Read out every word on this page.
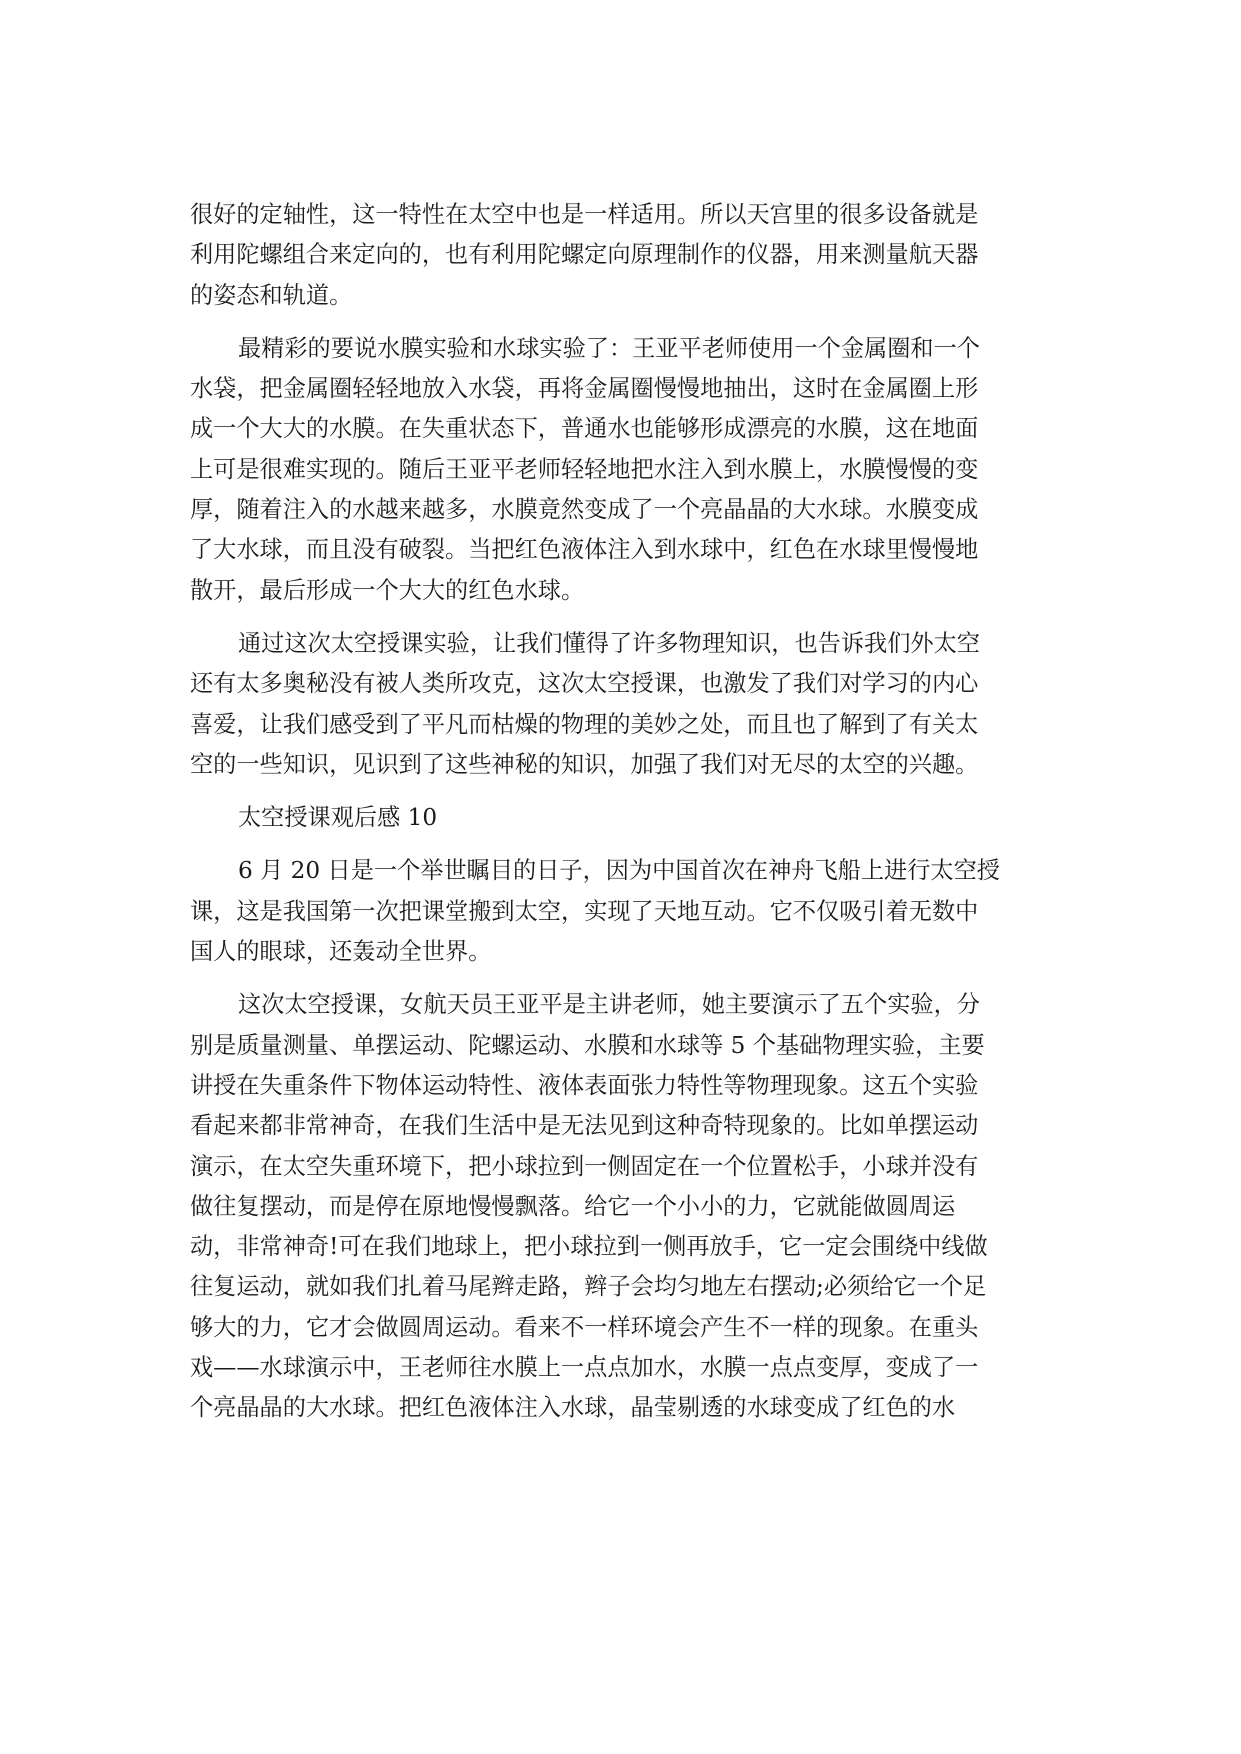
很好的定轴性，这一特性在太空中也是一样适用。所以天宫里的很多设备就是
利用陀螺组合来定向的，也有利用陀螺定向原理制作的仪器，用来测量航天器
的姿态和轨道。

最精彩的要说水膜实验和水球实验了：王亚平老师使用一个金属圈和一个
水袋，把金属圈轻轻地放入水袋，再将金属圈慢慢地抽出，这时在金属圈上形
成一个大大的水膜。在失重状态下，普通水也能够形成漂亮的水膜，这在地面
上可是很难实现的。随后王亚平老师轻轻地把水注入到水膜上，水膜慢慢的变
厚，随着注入的水越来越多，水膜竟然变成了一个亮晶晶的大水球。水膜变成
了大水球，而且没有破裂。当把红色液体注入到水球中，红色在水球里慢慢地
散开，最后形成一个大大的红色水球。

通过这次太空授课实验，让我们懂得了许多物理知识，也告诉我们外太空
还有太多奥秘没有被人类所攻克，这次太空授课，也激发了我们对学习的内心
喜爱，让我们感受到了平凡而枯燥的物理的美妙之处，而且也了解到了有关太
空的一些知识，见识到了这些神秘的知识，加强了我们对无尽的太空的兴趣。

太空授课观后感 10

6 月 20 日是一个举世瞩目的日子，因为中国首次在神舟飞船上进行太空授
课，这是我国第一次把课堂搬到太空，实现了天地互动。它不仅吸引着无数中
国人的眼球，还轰动全世界。

这次太空授课，女航天员王亚平是主讲老师，她主要演示了五个实验，分
别是质量测量、单摆运动、陀螺运动、水膜和水球等 5 个基础物理实验，主要
讲授在失重条件下物体运动特性、液体表面张力特性等物理现象。这五个实验
看起来都非常神奇，在我们生活中是无法见到这种奇特现象的。比如单摆运动
演示，在太空失重环境下，把小球拉到一侧固定在一个位置松手，小球并没有
做往复摆动，而是停在原地慢慢飘落。给它一个小小的力，它就能做圆周运
动，非常神奇!可在我们地球上，把小球拉到一侧再放手，它一定会围绕中线做
往复运动，就如我们扎着马尾辫走路，辫子会均匀地左右摆动;必须给它一个足
够大的力，它才会做圆周运动。看来不一样环境会产生不一样的现象。在重头
戏——水球演示中，王老师往水膜上一点点加水，水膜一点点变厚，变成了一
个亮晶晶的大水球。把红色液体注入水球，晶莹剔透的水球变成了红色的水
